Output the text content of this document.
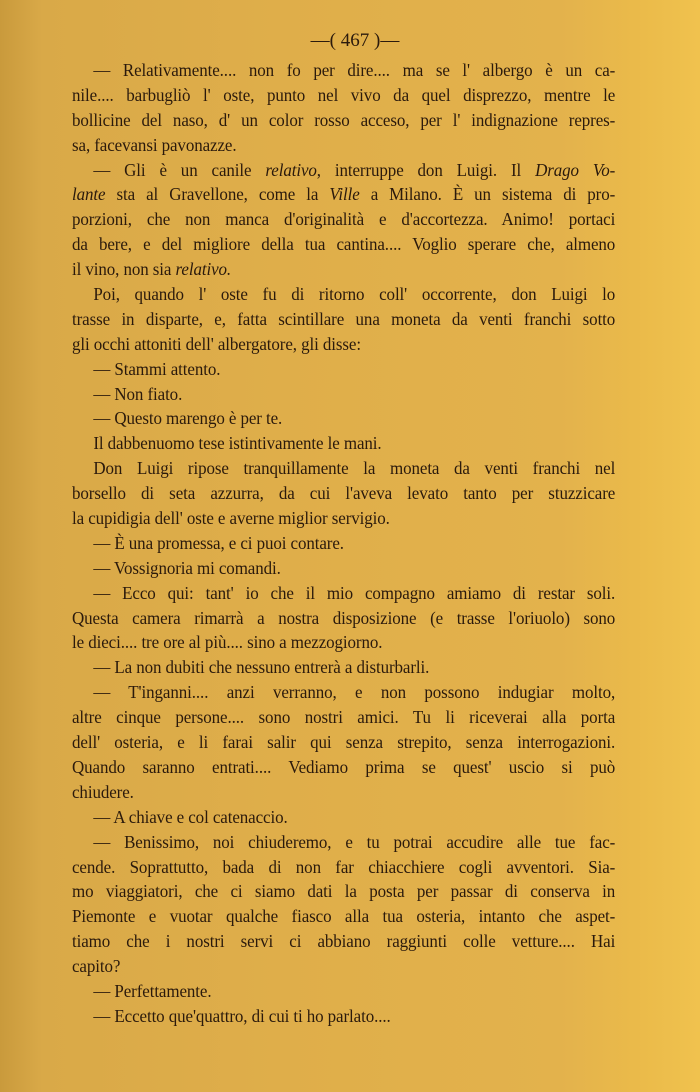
—( 467 )—
— Relativamente.... non fo per dire.... ma se l' albergo è un ca-
nile.... barbugliò l' oste, punto nel vivo da quel disprezzo, mentre le
bollicine del naso, d' un color rosso acceso, per l' indignazione repres-
sa, facevansi pavonazze.
— Gli è un canile relativo, interruppe don Luigi. Il Drago Vo-
lante sta al Gravellone, come la Ville a Milano. È un sistema di pro-
porzioni, che non manca d'originalità e d'accortezza. Animo! portaci
da bere, e del migliore della tua cantina.... Voglio sperare che, almeno
il vino, non sia relativo.
Poi, quando l' oste fu di ritorno coll' occorrente, don Luigi lo
trasse in disparte, e, fatta scintillare una moneta da venti franchi sotto
gli occhi attoniti dell' albergatore, gli disse:
— Stammi attento.
— Non fiato.
— Questo marengo è per te.
Il dabbenuomo tese istintivamente le mani.
Don Luigi ripose tranquillamente la moneta da venti franchi nel
borsello di seta azzurra, da cui l'aveva levato tanto per stuzzicare
la cupidigia dell' oste e averne miglior servigio.
— È una promessa, e ci puoi contare.
— Vossignoria mi comandi.
— Ecco qui: tant' io che il mio compagno amiamo di restar soli.
Questa camera rimarrà a nostra disposizione (e trasse l'oriuolo) sono
le dieci.... tre ore al più.... sino a mezzogiorno.
— La non dubiti che nessuno entrerà a disturbarli.
— T'inganni.... anzi verranno, e non possono indugiar molto,
altre cinque persone.... sono nostri amici. Tu li riceverai alla porta
dell' osteria, e li farai salir qui senza strepito, senza interrogazioni.
Quando saranno entrati.... Vediamo prima se quest' uscio si può
chiudere.
— A chiave e col catenaccio.
— Benissimo, noi chiuderemo, e tu potrai accudire alle tue fac-
cende. Soprattutto, bada di non far chiacchiere cogli avventori. Sia-
mo viaggiatori, che ci siamo dati la posta per passar di conserva in
Piemonte e vuotar qualche fiasco alla tua osteria, intanto che aspet-
tiamo che i nostri servi ci abbiano raggiunti colle vetture.... Hai
capito?
— Perfettamente.
— Eccetto que'quattro, di cui ti ho parlato....
